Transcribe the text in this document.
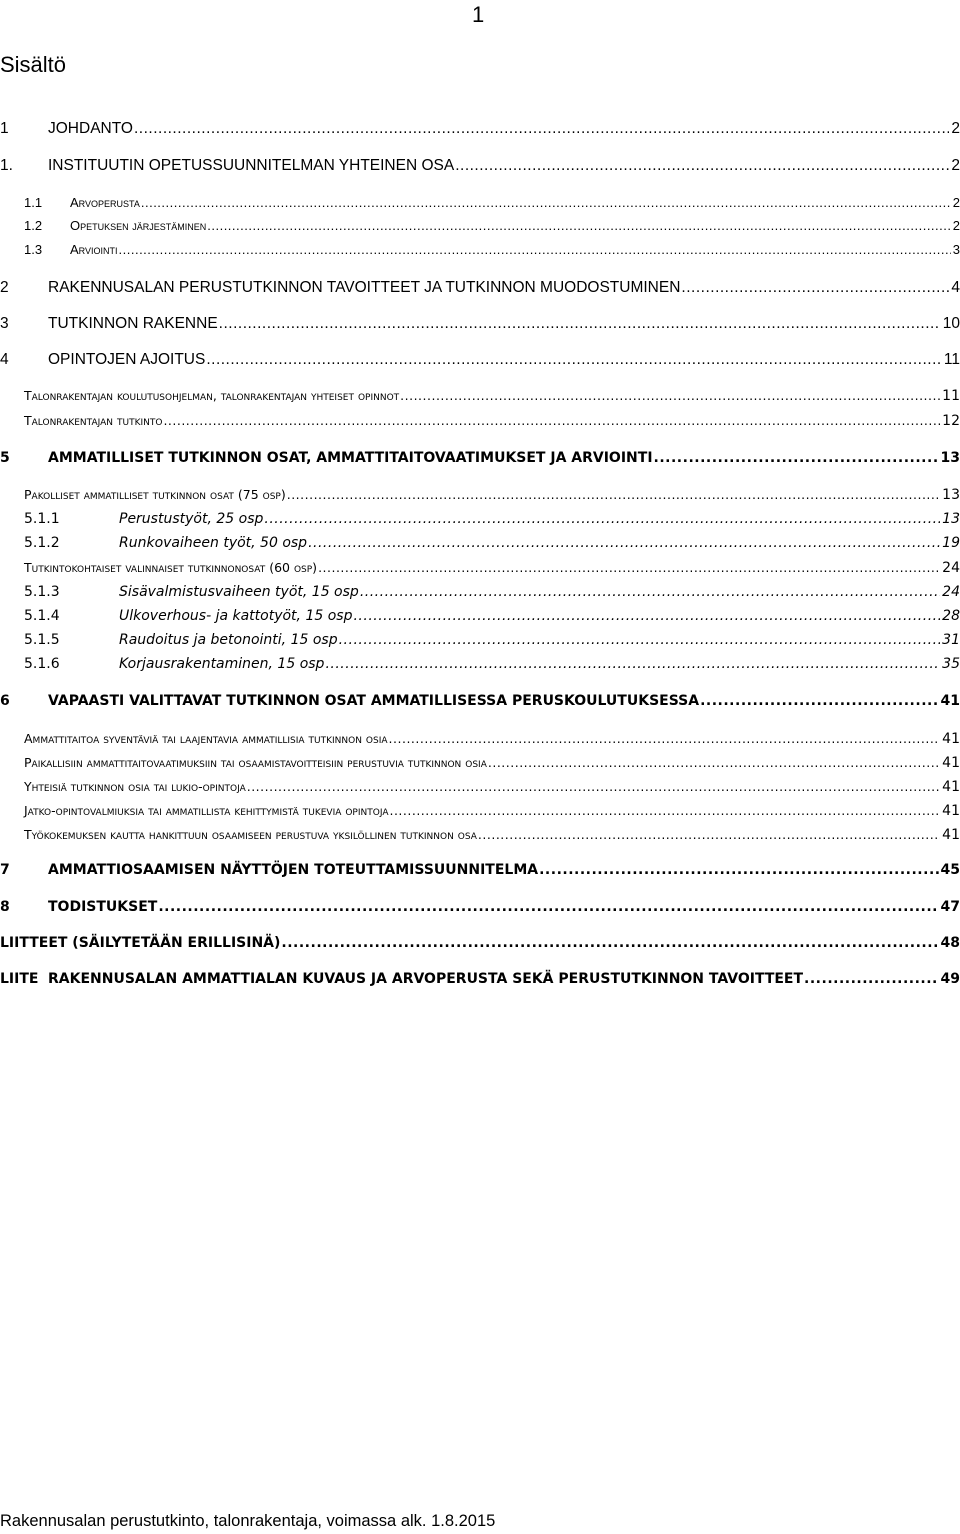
1
Sisältö
1	JOHDANTO .....	2
1.	INSTITUUTIN OPETUSSUUNNITELMAN YHTEINEN OSA .....	2
1.1	Arvoperusta .....	2
1.2	Opetuksen järjestäminen .....	2
1.3	Arviointi .....	3
2	RAKENNUSALAN PERUSTUTKINNON TAVOITTEET JA TUTKINNON MUODOSTUMINEN .....	4
3	TUTKINNON RAKENNE .....	10
4	OPINTOJEN AJOITUS .....	11
Talonrakentajan koulutusohjelman, talonrakentajan yhteiset opinnot .....	11
Talonrakentajan tutkinto .....	12
5	AMMATILLISET TUTKINNON OSAT, AMMATTITAITOVAATIMUKSET JA ARVIOINTI .....	13
Pakolliset ammatilliset tutkinnon osat (75 osp) .....	13
5.1.1	Perustustyöt, 25 osp .....	13
5.1.2	Runkovaiheen työt, 50 osp .....	19
Tutkintokohtaiset valinnaiset tutkinnonosat (60 osp) .....	24
5.1.3	Sisävalmistusvaiheen työt, 15 osp .....	24
5.1.4	Ulkoverhous- ja kattotyöt, 15 osp .....	28
5.1.5	Raudoitus ja betonointi, 15 osp .....	31
5.1.6	Korjausrakentaminen, 15 osp .....	35
6	VAPAASTI VALITTAVAT TUTKINNON OSAT AMMATILLISESSA PERUSKOULUTUKSESSA .....	41
Ammattitaitoa syventäviä tai laajentavia ammatillisia tutkinnon osia .....	41
Paikallisiin ammattitaitovaatimuksiin tai osaamistavoitteisiin perustuvia tutkinnon osia .....	41
Yhteisiä tutkinnon osia tai lukio-opintoja .....	41
Jatko-opintovalmiuksia tai ammatillista kehittymistä tukevia opintoja .....	41
Työkokemuksen kautta hankittuun osaamiseen perustuva yksilöllinen tutkinnon osa .....	41
7	AMMATTIOSAAMISEN NÄYTTÖJEN TOTEUTTAMISSUUNNITELMA .....	45
8	TODISTUKSET .....	47
LIITTEET (SÄILYTETÄÄN ERILLISINÄ) .....	48
LIITE RAKENNUSALAN AMMATTIALAN KUVAUS JA ARVOPERUSTA SEKÄ PERUSTUTKINNON TAVOITTEET .....	49
Rakennusalan perustutkinto, talonrakentaja, voimassa alk. 1.8.2015
